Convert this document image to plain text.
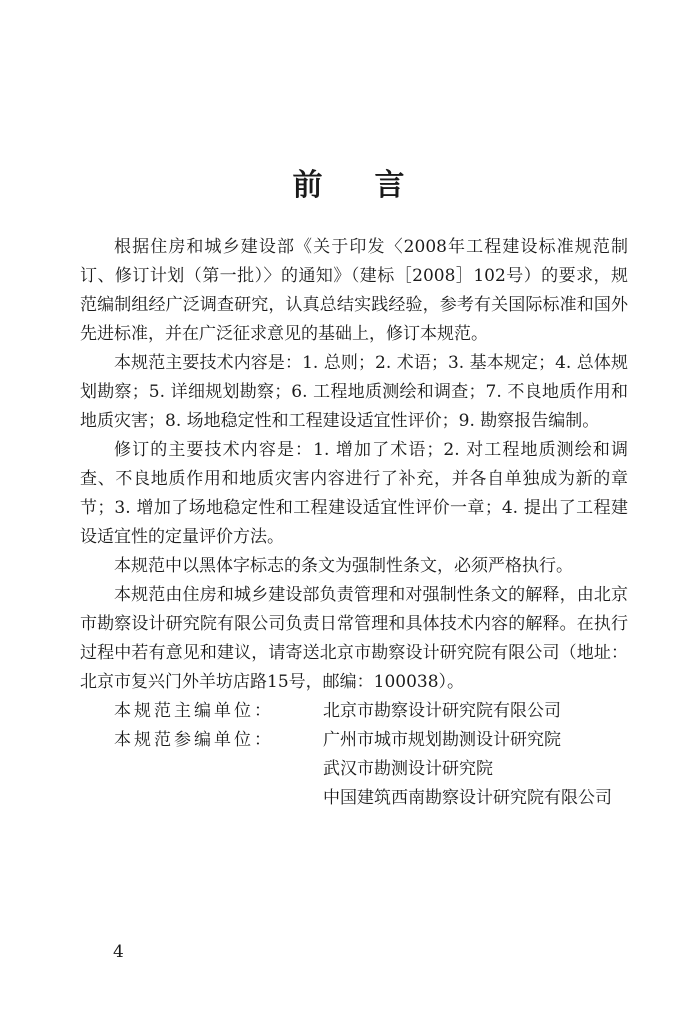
前 言

根据住房和城乡建设部《关于印发〈2008年工程建设标准规范制订、修订计划（第一批）〉的通知》（建标［2008］102号）的要求，规范编制组经广泛调查研究，认真总结实践经验，参考有关国际标准和国外先进标准，并在广泛征求意见的基础上，修订本规范。

本规范主要技术内容是：1. 总则；2. 术语；3. 基本规定；4. 总体规划勘察；5. 详细规划勘察；6. 工程地质测绘和调查；7. 不良地质作用和地质灾害；8. 场地稳定性和工程建设适宜性评价；9. 勘察报告编制。

修订的主要技术内容是：1. 增加了术语；2. 对工程地质测绘和调查、不良地质作用和地质灾害内容进行了补充，并各自单独成为新的章节；3. 增加了场地稳定性和工程建设适宜性评价一章；4. 提出了工程建设适宜性的定量评价方法。

本规范中以黑体字标志的条文为强制性条文，必须严格执行。

本规范由住房和城乡建设部负责管理和对强制性条文的解释，由北京市勘察设计研究院有限公司负责日常管理和具体技术内容的解释。在执行过程中若有意见和建议，请寄送北京市勘察设计研究院有限公司（地址：北京市复兴门外羊坊店路15号，邮编：100038）。

本规范主编单位：	北京市勘察设计研究院有限公司
本规范参编单位：	广州市城市规划勘测设计研究院
武汉市勘测设计研究院
中国建筑西南勘察设计研究院有限公司
4
